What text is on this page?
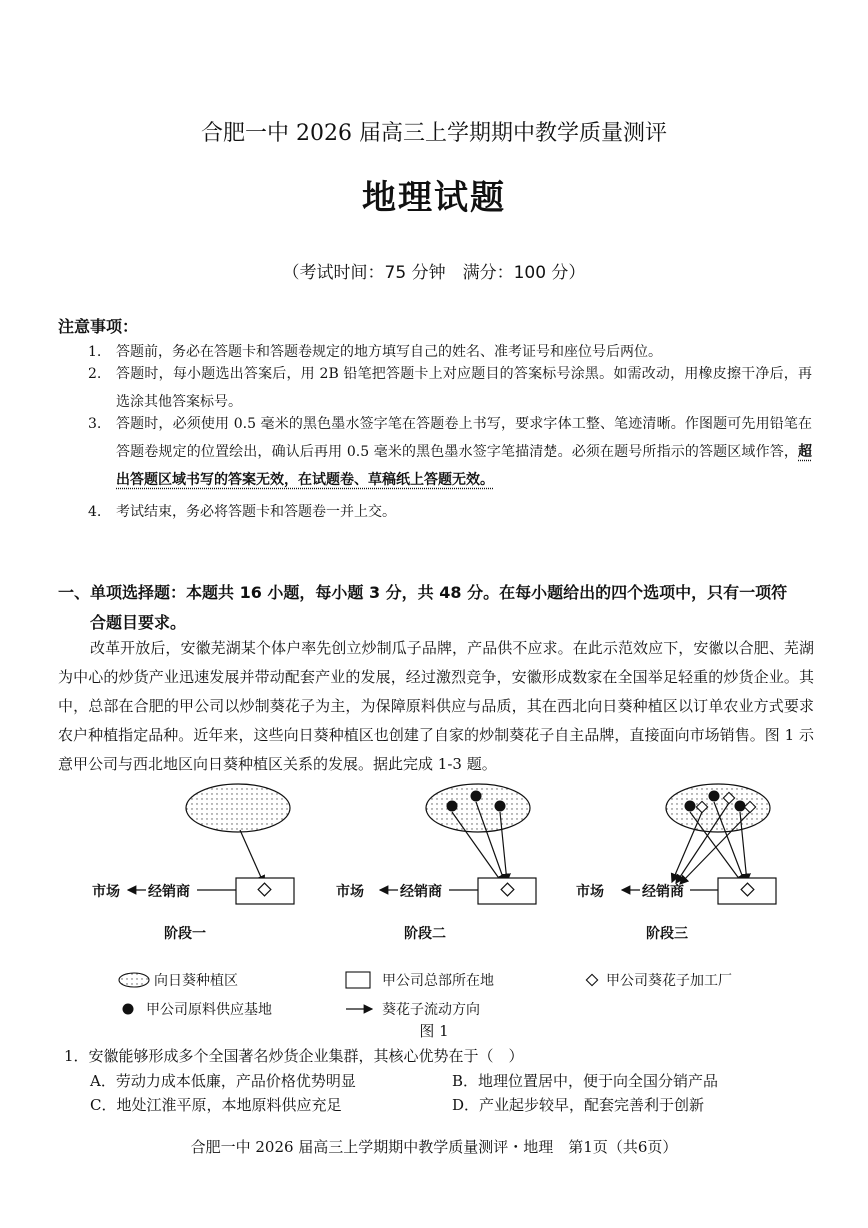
合肥一中 2026 届高三上学期期中教学质量测评
地理试题
（考试时间：75 分钟　满分：100 分）
注意事项：
1.	答题前，务必在答题卡和答题卷规定的地方填写自己的姓名、准考证号和座位号后两位。
2.	答题时，每小题选出答案后，用 2B 铅笔把答题卡上对应题目的答案标号涂黑。如需改动，用橡皮擦干净后，再选涂其他答案标号。
3.	答题时，必须使用 0.5 毫米的黑色墨水签字笔在答题卷上书写，要求字体工整、笔迹清晰。作图题可先用铅笔在答题卷规定的位置绘出，确认后再用 0.5 毫米的黑色墨水签字笔描清楚。必须在题号所指示的答题区域作答，超出答题区域书写的答案无效，在试题卷、草稿纸上答题无效。
4.	考试结束，务必将答题卡和答题卷一并上交。
一、单项选择题：本题共 16 小题，每小题 3 分，共 48 分。在每小题给出的四个选项中，只有一项符
合题目要求。
改革开放后，安徽芜湖某个体户率先创立炒制瓜子品牌，产品供不应求。在此示范效应下，安徽以合肥、芜湖为中心的炒货产业迅速发展并带动配套产业的发展，经过激烈竞争，安徽形成数家在全国举足轻重的炒货企业。其中，总部在合肥的甲公司以炒制葵花子为主，为保障原料供应与品质，其在西北向日葵种植区以订单农业方式要求农户种植指定品种。近年来，这些向日葵种植区也创建了自家的炒制葵花子自主品牌，直接面向市场销售。图 1 示意甲公司与西北地区向日葵种植区关系的发展。据此完成 1-3 题。
经销商
市场
阶段一
经销商
市场
阶段二
经销商
市场
阶段三
向日葵种植区	甲公司总部所在地	甲公司葵花子加工厂
甲公司原料供应基地	葵花子流动方向
图 1
1．安徽能够形成多个全国著名炒货企业集群，其核心优势在于（　）
A．劳动力成本低廉，产品价格优势明显	B．地理位置居中，便于向全国分销产品
C．地处江淮平原，本地原料供应充足	D．产业起步较早，配套完善利于创新
合肥一中 2026 届高三上学期期中教学质量测评・地理　第1页（共6页）
